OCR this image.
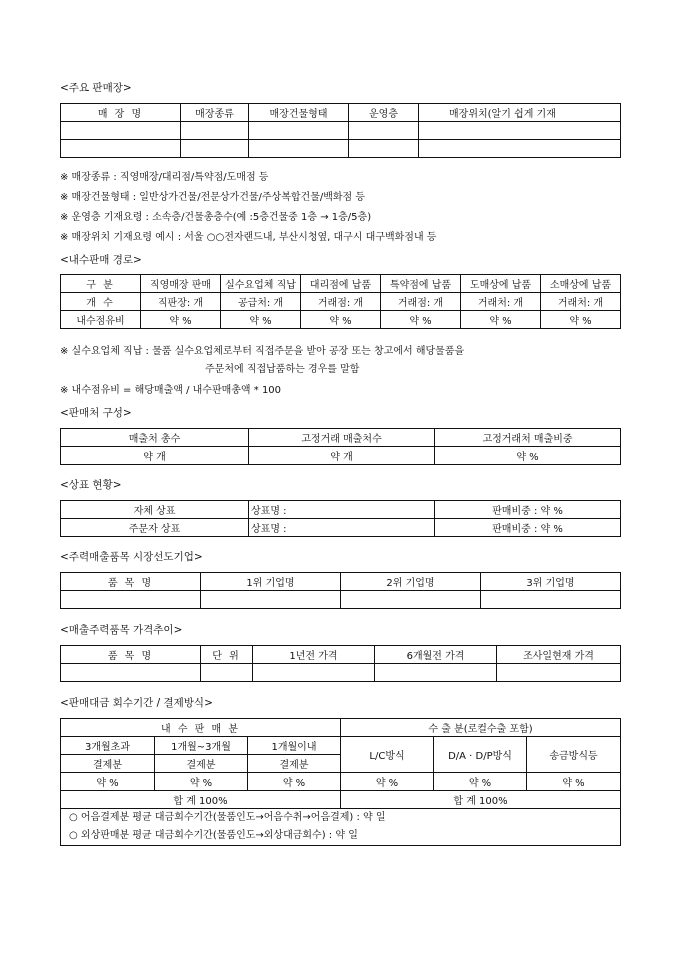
<주요 판매장>
매 장 명	매장종류	매장건물형태	운영층	매장위치(알기 쉽게 기재

※ 매장종류 : 직영매장/대리점/특약점/도매점 등
※ 매장건물형태 : 일반상가건물/전문상가건물/주상복합건물/백화점 등
※ 운영층 기재요령 : 소속층/건물총층수(예 :5층건물중 1층 → 1층/5층)
※ 매장위치 기재요령 예시 : 서울 ○○전자랜드내, 부산시청옆, 대구시 대구백화점내 등
<내수판매 경로>
구 분	직영매장 판매	실수요업체 직납	대리점에 납품	특약점에 납품	도매상에 납품	소매상에 납품
개 수	직판장: 개	공급처: 개	거래점: 개	거래점: 개	거래처: 개	거래처: 개
내수점유비	약 %	약 %	약 %	약 %	약 %	약 %
※ 실수요업체 직납 : 물품 실수요업체로부터 직접주문을 받아 공장 또는 창고에서 해당물품을
주문처에 직접납품하는 경우를 말함
※ 내수점유비 = 해당매출액 / 내수판매총액 * 100
<판매처 구성>
매출처 총수	고정거래 매출처수	고정거래처 매출비중
약 개	약 개	약 %
<상표 현황>
자체 상표	상표명 :	판매비중 : 약 %
주문자 상표	상표명 :	판매비중 : 약 %
<주력매출품목 시장선도기업>
품 목 명	1위 기업명	2위 기업명	3위 기업명

<매출주력품목 가격추이>
품 목 명	단 위	1년전 가격	6개월전 가격	조사일현재 가격

<판매대금 회수기간 / 결제방식>
내 수 판 매 분			수 출 분(로컬수출 포함)		
3개월초과	1개월~3개월	1개월이내	L/C방식	D/A · D/P방식	송금방식등
결제분	결제분	결제분			
약 %	약 %	약 %	약 %	약 %	약 %
합 계 100%			합 계 100%		

○ 어음결제분 평균 대금회수기간(물품인도→어음수취→어음결제) : 약 일
○ 외상판매분 평균 대금회수기간(물품인도→외상대금회수) : 약 일					
